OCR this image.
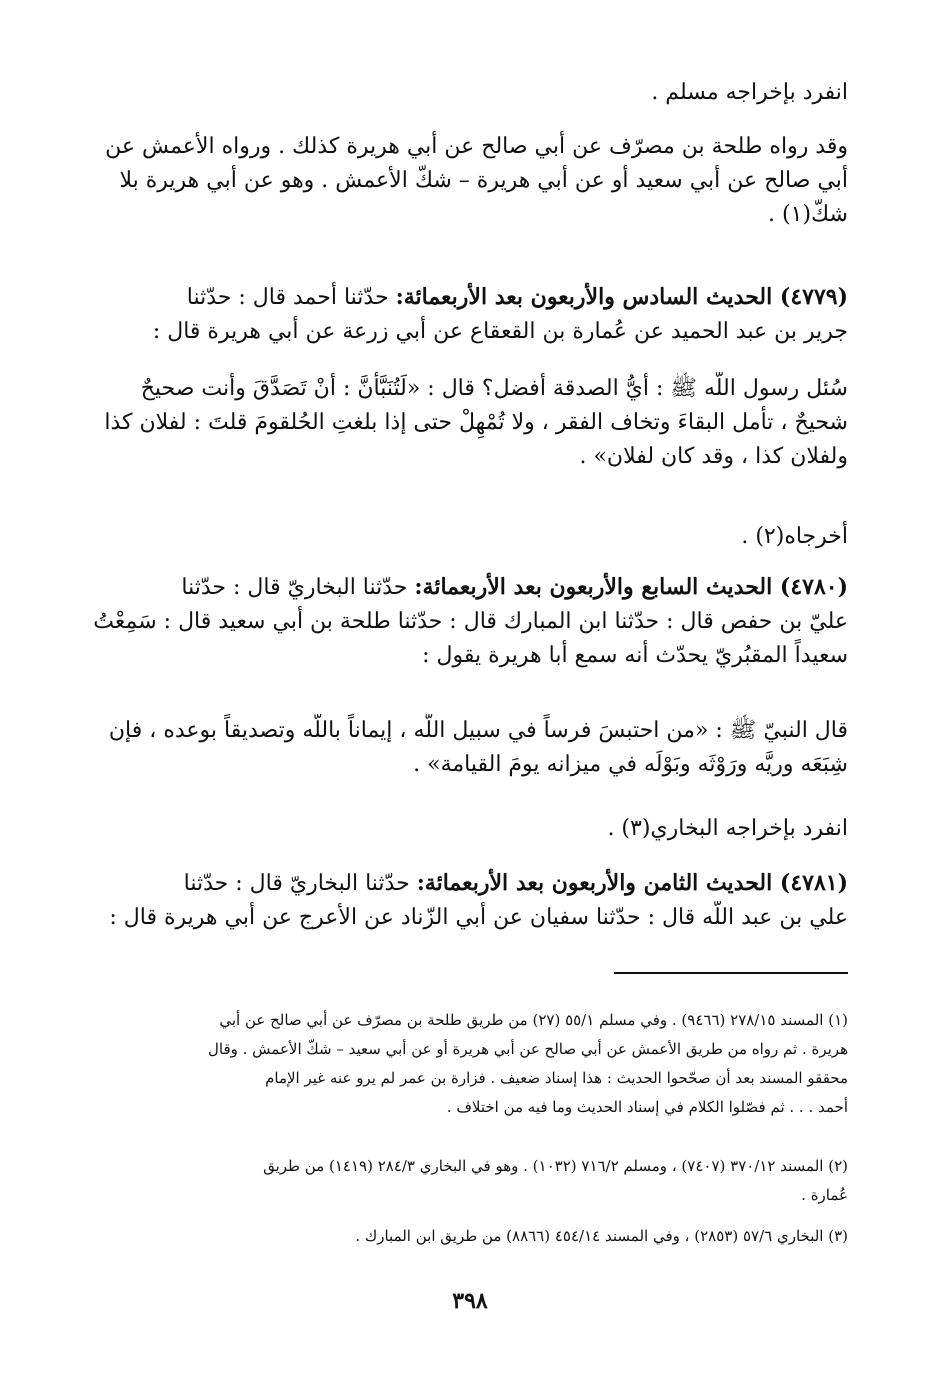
انفرد بإخراجه مسلم .
وقد رواه طلحة بن مصرّف عن أبي صالح عن أبي هريرة كذلك . ورواه الأعمش عن
أبي صالح عن أبي سعيد أو عن أبي هريرة – شكّ الأعمش . وهو عن أبي هريرة بلا
شكّ(١) .
(٤٧٧٩) الحديث السادس والأربعون بعد الأربعمائة: حدّثنا أحمد قال : حدّثنا
جرير بن عبد الحميد عن عُمارة بن القعقاع عن أبي زرعة عن أبي هريرة قال :
سُئل رسول اللّه ﷺ : أيُّ الصدقة أفضل؟ قال : «لَتُنَبَّأنَّ : أنْ تَصَدَّقَ وأنت صحيحٌ
شحيحٌ ، تأمل البقاءَ وتخاف الفقر ، ولا تُمْهِلْ حتى إذا بلغتِ الحُلقومَ قلتَ : لفلان كذا
ولفلان كذا ، وقد كان لفلان» .
أخرجاه(٢) .
(٤٧٨٠) الحديث السابع والأربعون بعد الأربعمائة: حدّثنا البخاريّ قال : حدّثنا
عليّ بن حفص قال : حدّثنا ابن المبارك قال : حدّثنا طلحة بن أبي سعيد قال : سَمِعْتُ
سعيداً المقبُريّ يحدّث أنه سمع أبا هريرة يقول :
قال النبيّ ﷺ : «من احتبسَ فرساً في سبيل اللّه ، إيماناً باللّه وتصديقاً بوعده ، فإن
شِبَعَه وريَّه ورَوْثَه وبَوْلَه في ميزانه يومَ القيامة» .
انفرد بإخراجه البخاري(٣) .
(٤٧٨١) الحديث الثامن والأربعون بعد الأربعمائة: حدّثنا البخاريّ قال : حدّثنا
علي بن عبد اللّه قال : حدّثنا سفيان عن أبي الزّناد عن الأعرج عن أبي هريرة قال :
(١) المسند ٢٧٨/١٥ (٩٤٦٦) . وفي مسلم ٥٥/١ (٢٧) من طريق طلحة بن مصرّف عن أبي صالح عن أبي
هريرة . ثم رواه من طريق الأعمش عن أبي صالح عن أبي هريرة أو عن أبي سعيد – شكّ الأعمش . وقال
محققو المسند بعد أن صحّحوا الحديث : هذا إسناد ضعيف . فزارة بن عمر لم يرو عنه غير الإمام
أحمد . . . ثم فصّلوا الكلام في إسناد الحديث وما فيه من اختلاف .
(٢) المسند ٣٧٠/١٢ (٧٤٠٧) ، ومسلم ٧١٦/٢ (١٠٣٢) . وهو في البخاري ٢٨٤/٣ (١٤١٩) من طريق
عُمارة .
(٣) البخاري ٥٧/٦ (٢٨٥٣) ، وفي المسند ٤٥٤/١٤ (٨٨٦٦) من طريق ابن المبارك .
٣٩٨
